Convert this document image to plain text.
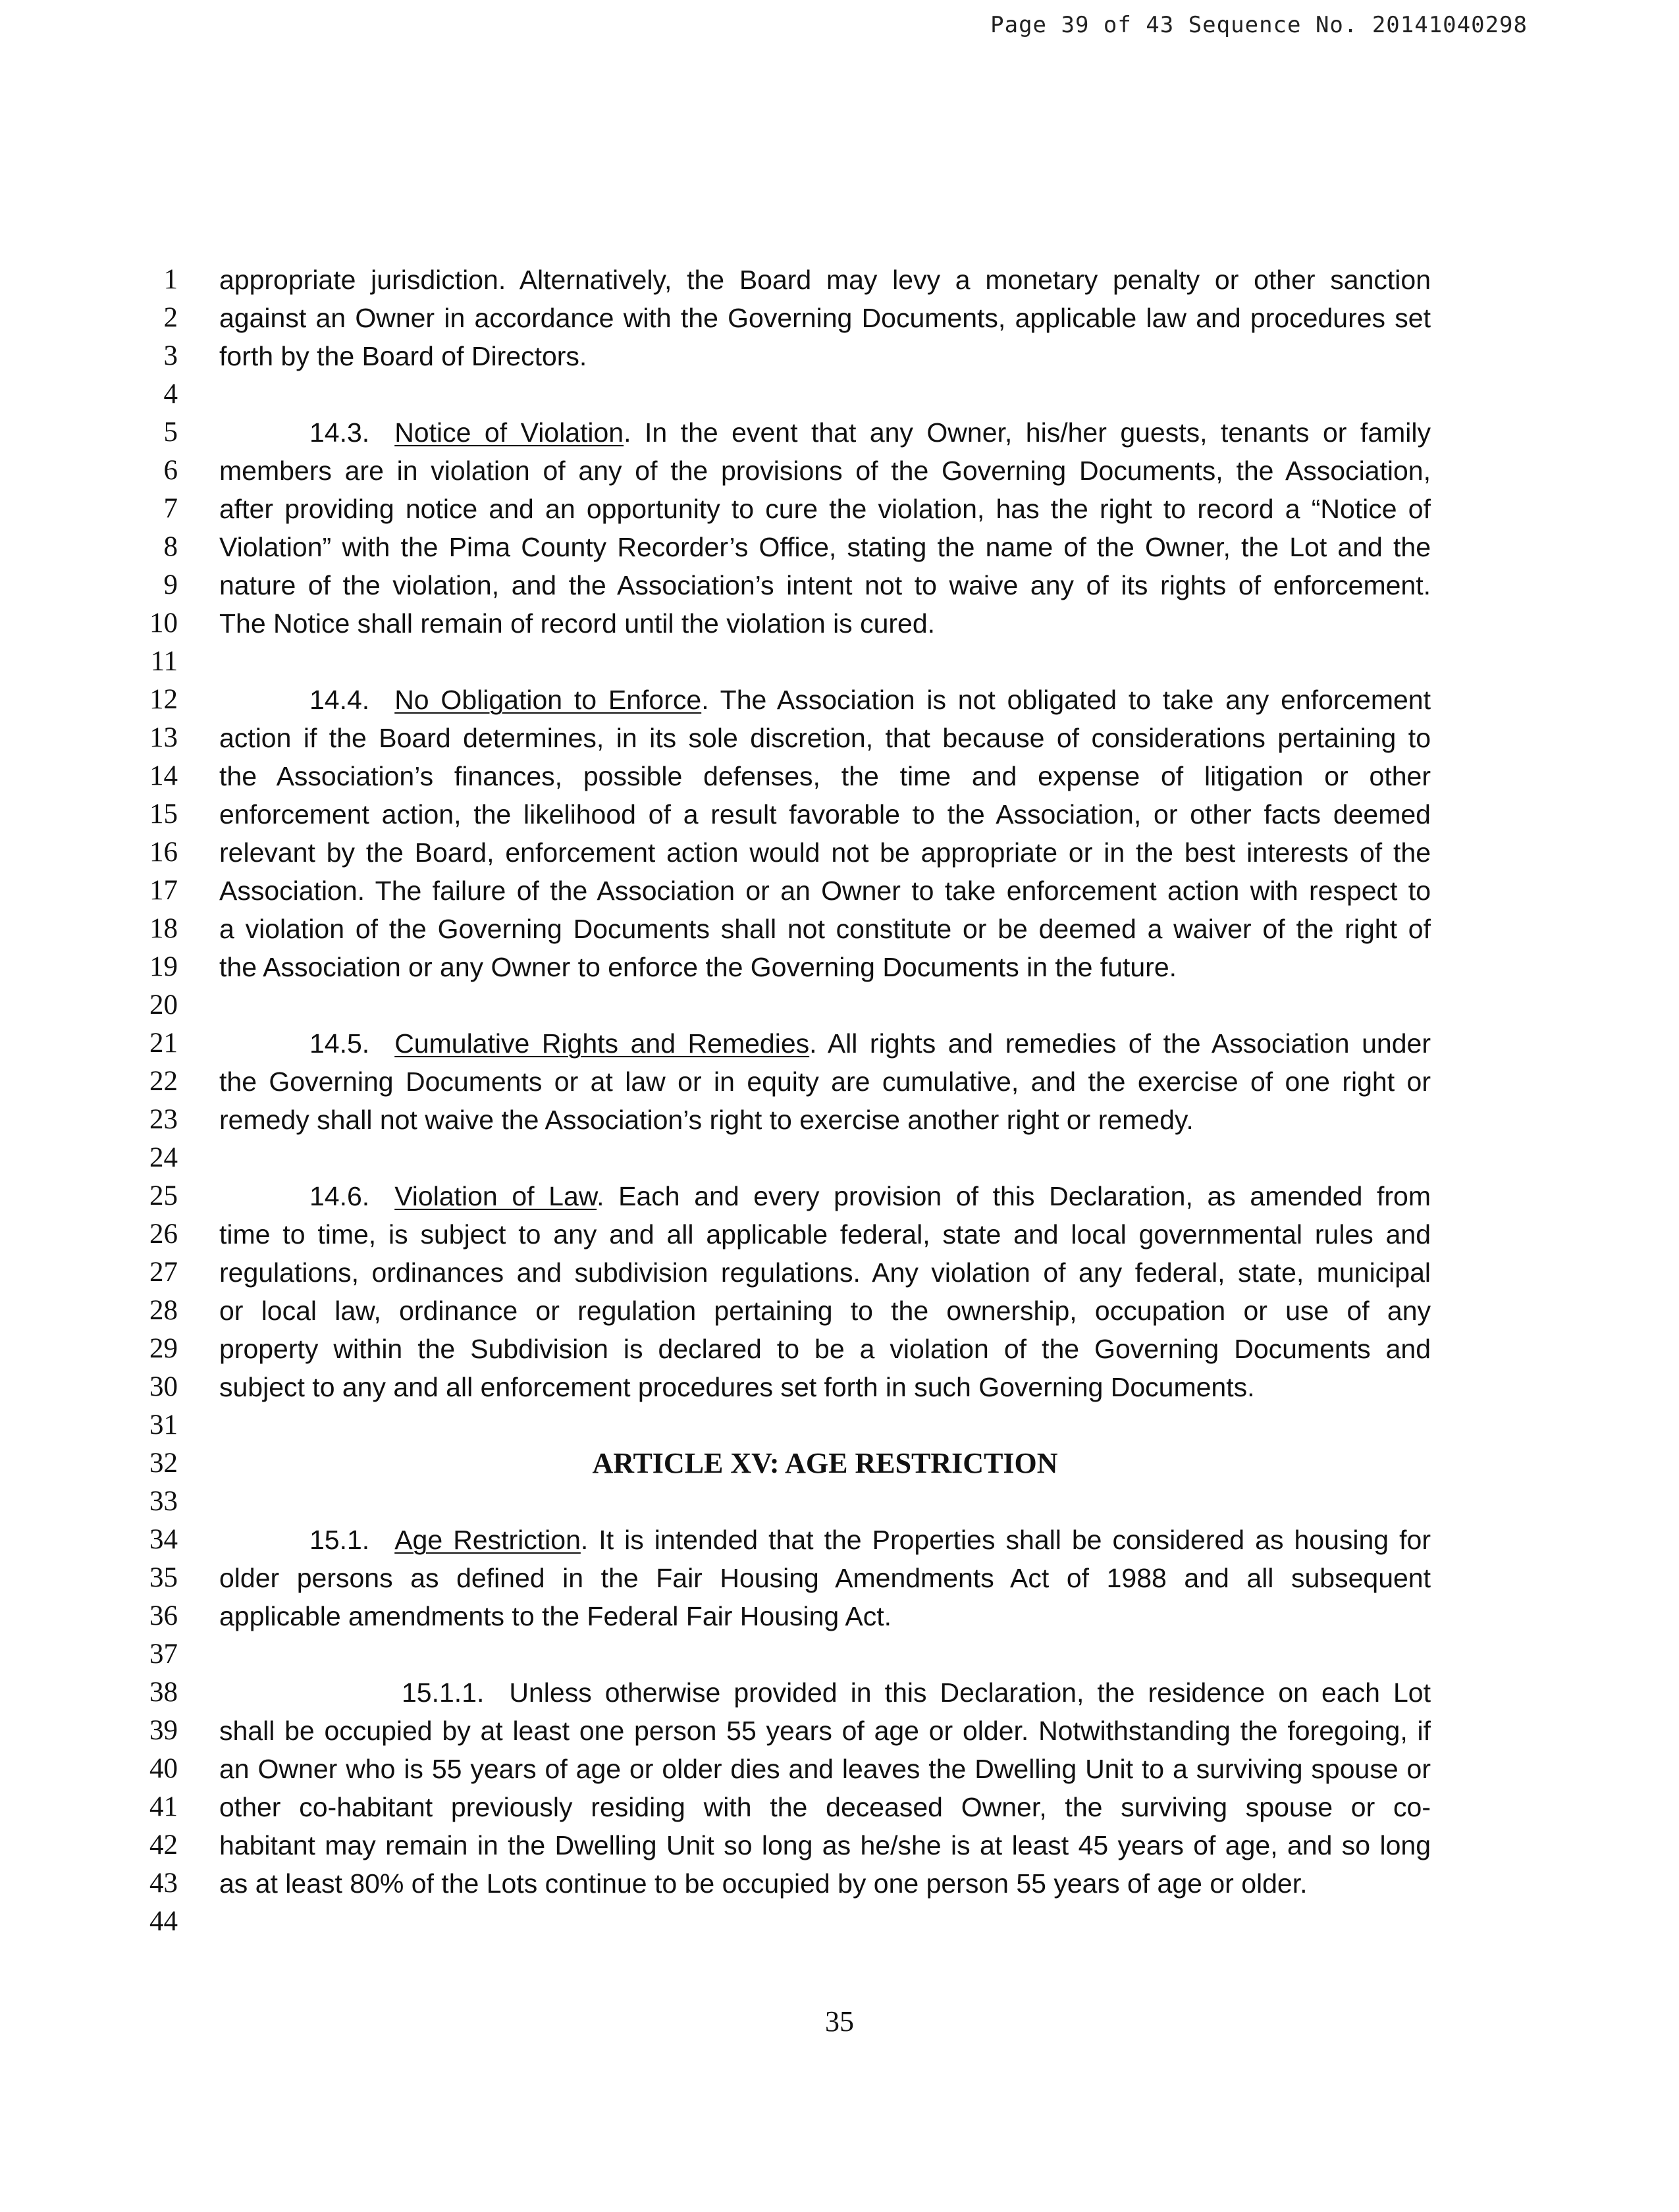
Page 39 of 43 Sequence No. 20141040298
1
2
3
4
5
6
7
8
9
10
11
12
13
14
15
16
17
18
19
20
21
22
23
24
25
26
27
28
29
30
31
32
33
34
35
36
37
38
39
40
41
42
43
44
appropriate jurisdiction. Alternatively, the Board may levy a monetary penalty or other sanction
against an Owner in accordance with the Governing Documents, applicable law and procedures set
forth by the Board of Directors.
14.3. Notice of Violation. In the event that any Owner, his/her guests, tenants or family
members are in violation of any of the provisions of the Governing Documents, the Association,
after providing notice and an opportunity to cure the violation, has the right to record a “Notice of
Violation” with the Pima County Recorder’s Office, stating the name of the Owner, the Lot and the
nature of the violation, and the Association’s intent not to waive any of its rights of enforcement.
The Notice shall remain of record until the violation is cured.
14.4. No Obligation to Enforce. The Association is not obligated to take any enforcement
action if the Board determines, in its sole discretion, that because of considerations pertaining to
the Association’s finances, possible defenses, the time and expense of litigation or other
enforcement action, the likelihood of a result favorable to the Association, or other facts deemed
relevant by the Board, enforcement action would not be appropriate or in the best interests of the
Association. The failure of the Association or an Owner to take enforcement action with respect to
a violation of the Governing Documents shall not constitute or be deemed a waiver of the right of
the Association or any Owner to enforce the Governing Documents in the future.
14.5. Cumulative Rights and Remedies. All rights and remedies of the Association under
the Governing Documents or at law or in equity are cumulative, and the exercise of one right or
remedy shall not waive the Association’s right to exercise another right or remedy.
14.6. Violation of Law. Each and every provision of this Declaration, as amended from
time to time, is subject to any and all applicable federal, state and local governmental rules and
regulations, ordinances and subdivision regulations. Any violation of any federal, state, municipal
or local law, ordinance or regulation pertaining to the ownership, occupation or use of any
property within the Subdivision is declared to be a violation of the Governing Documents and
subject to any and all enforcement procedures set forth in such Governing Documents.
ARTICLE XV: AGE RESTRICTION
15.1. Age Restriction. It is intended that the Properties shall be considered as housing for
older persons as defined in the Fair Housing Amendments Act of 1988 and all subsequent
applicable amendments to the Federal Fair Housing Act.
15.1.1. Unless otherwise provided in this Declaration, the residence on each Lot
shall be occupied by at least one person 55 years of age or older. Notwithstanding the foregoing, if
an Owner who is 55 years of age or older dies and leaves the Dwelling Unit to a surviving spouse or
other co-habitant previously residing with the deceased Owner, the surviving spouse or co-
habitant may remain in the Dwelling Unit so long as he/she is at least 45 years of age, and so long
as at least 80% of the Lots continue to be occupied by one person 55 years of age or older.
35
